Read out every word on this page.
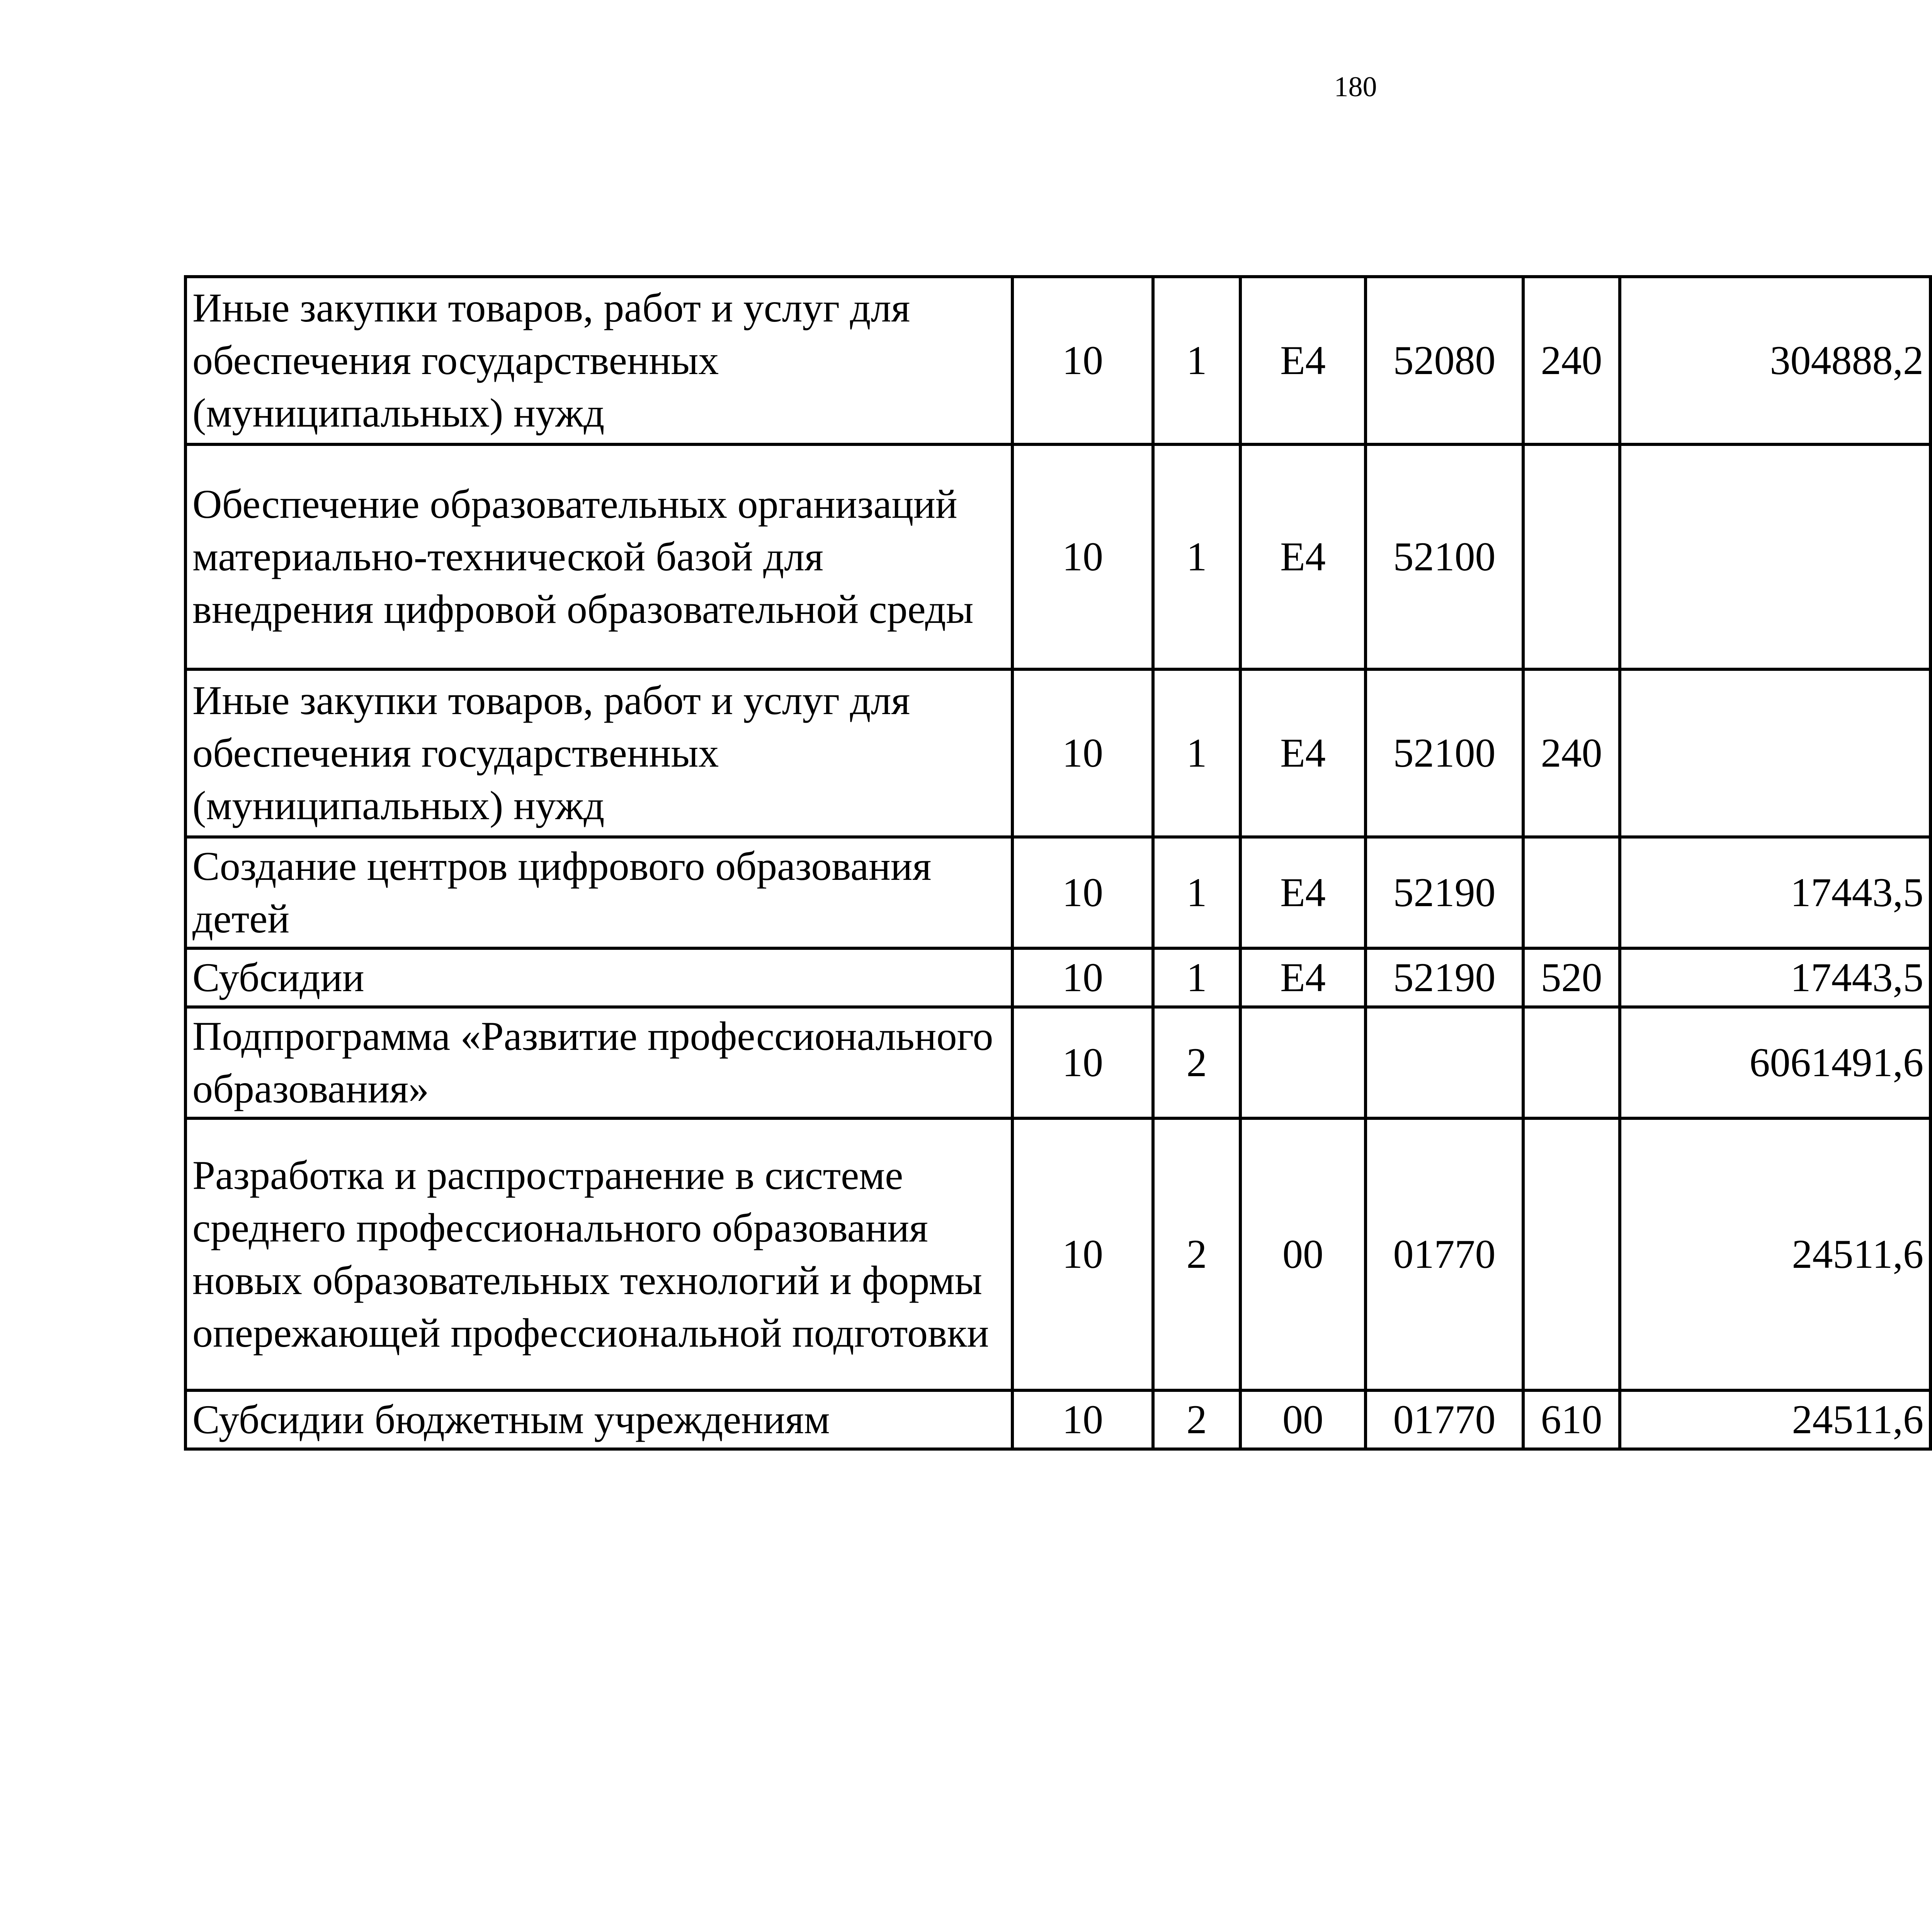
180
Иные закупки товаров, работ и услуг для обеспечения государственных (муниципальных) нужд	10	1	E4	52080	240	304888,2		
Обеспечение образовательных организаций материально-технической базой для внедрения цифровой образовательной среды	10	1	E4	52100				
Иные закупки товаров, работ и услуг для обеспечения государственных (муниципальных) нужд	10	1	E4	52100	240			
Создание центров цифрового образования детей	10	1	E4	52190		17443,5		
Субсидии	10	1	E4	52190	520	17443,5		
Подпрограмма «Развитие профессионального образования»	10	2				6061491,6		
Разработка и распространение в системе среднего профессионального образования новых образовательных технологий и формы опережающей профессиональной подготовки	10	2	00	01770		24511,6		
Субсидии бюджетным учреждениям	10	2	00	01770	610	24511,6		
